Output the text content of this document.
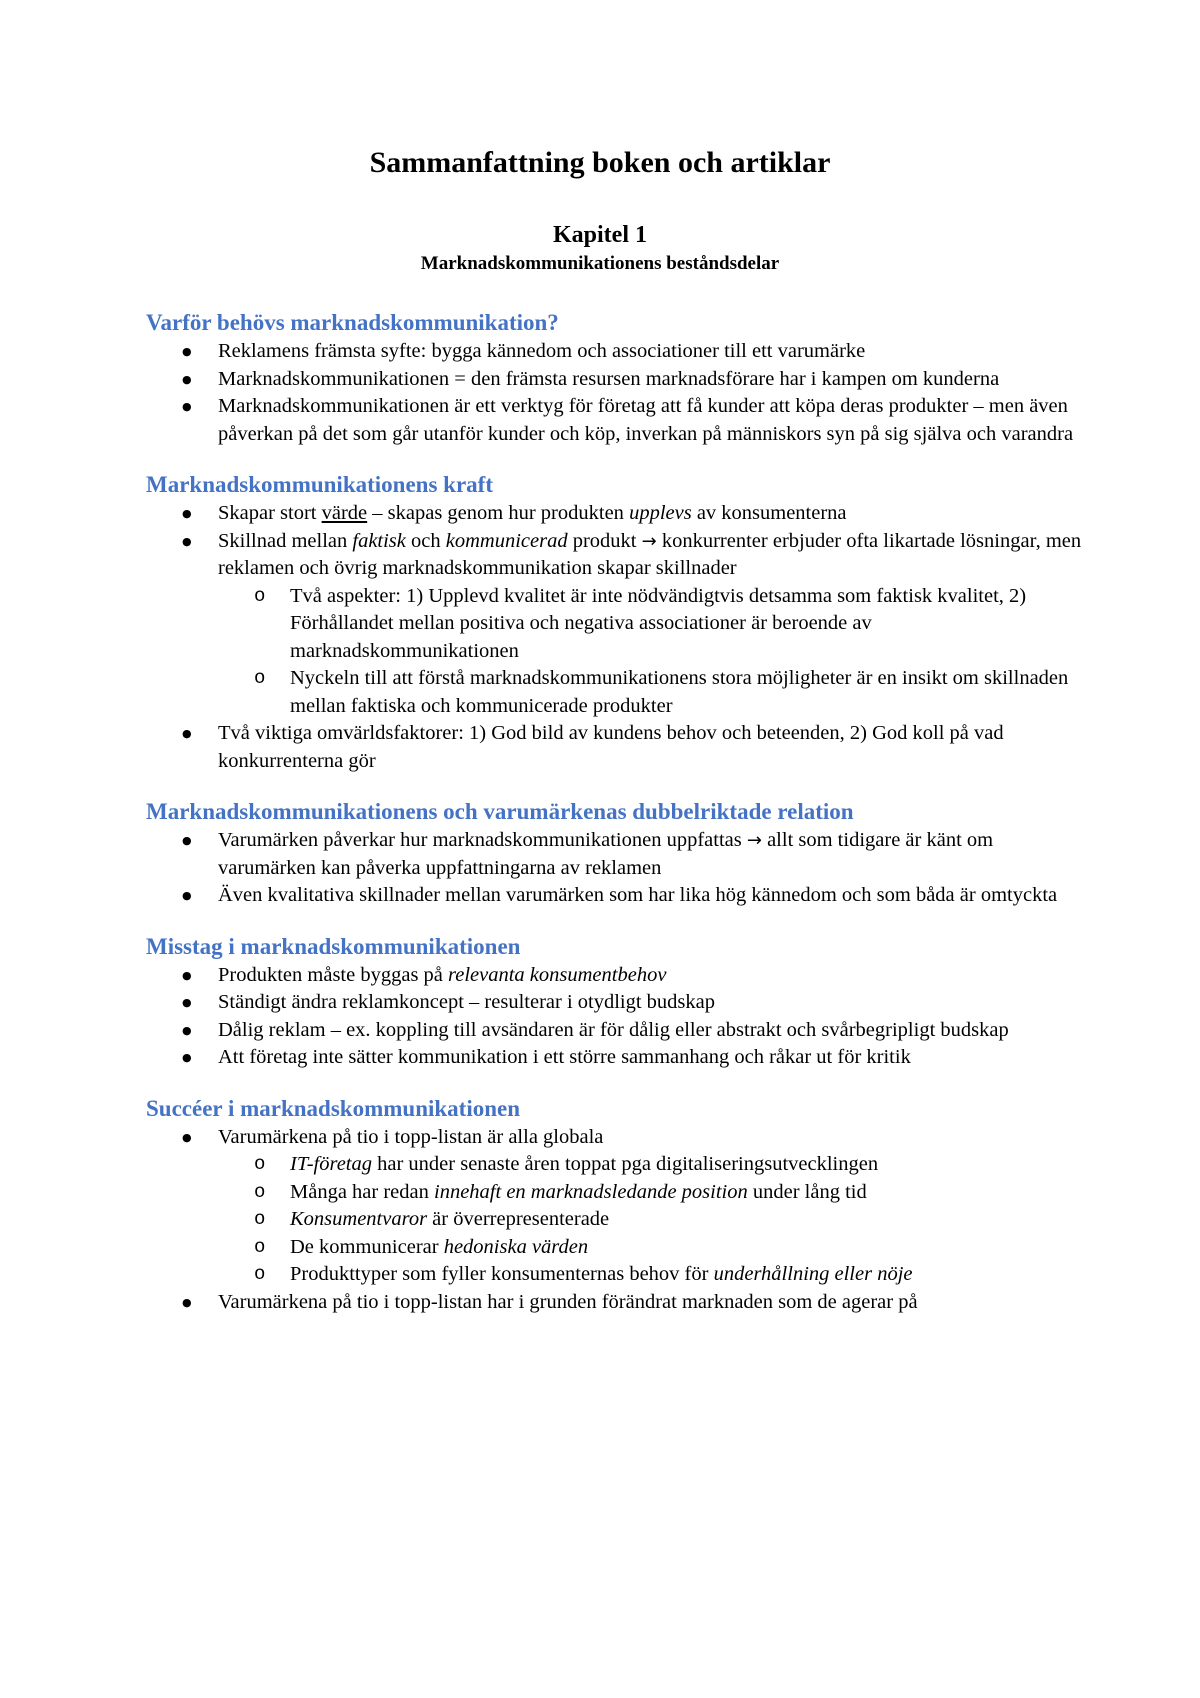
Sammanfattning boken och artiklar
Kapitel 1
Marknadskommunikationens beståndsdelar
Varför behövs marknadskommunikation?
● Reklamens främsta syfte: bygga kännedom och associationer till ett varumärke
● Marknadskommunikationen = den främsta resursen marknadsförare har i kampen om kunderna
● Marknadskommunikationen är ett verktyg för företag att få kunder att köpa deras produkter – men även påverkan på det som går utanför kunder och köp, inverkan på människors syn på sig själva och varandra
Marknadskommunikationens kraft
● Skapar stort värde – skapas genom hur produkten upplevs av konsumenterna
● Skillnad mellan faktisk och kommunicerad produkt → konkurrenter erbjuder ofta likartade lösningar, men reklamen och övrig marknadskommunikation skapar skillnader
o Två aspekter: 1) Upplevd kvalitet är inte nödvändigtvis detsamma som faktisk kvalitet, 2) Förhållandet mellan positiva och negativa associationer är beroende av marknadskommunikationen
o Nyckeln till att förstå marknadskommunikationens stora möjligheter är en insikt om skillnaden mellan faktiska och kommunicerade produkter
● Två viktiga omvärldsfaktorer: 1) God bild av kundens behov och beteenden, 2) God koll på vad konkurrenterna gör
Marknadskommunikationens och varumärkenas dubbelriktade relation
● Varumärken påverkar hur marknadskommunikationen uppfattas → allt som tidigare är känt om varumärken kan påverka uppfattningarna av reklamen
● Även kvalitativa skillnader mellan varumärken som har lika hög kännedom och som båda är omtyckta
Misstag i marknadskommunikationen
● Produkten måste byggas på relevanta konsumentbehov
● Ständigt ändra reklamkoncept – resulterar i otydligt budskap
● Dålig reklam – ex. koppling till avsändaren är för dålig eller abstrakt och svårbegripligt budskap
● Att företag inte sätter kommunikation i ett större sammanhang och råkar ut för kritik
Succéer i marknadskommunikationen
● Varumärkena på tio i topp-listan är alla globala
o IT-företag har under senaste åren toppat pga digitaliseringsutvecklingen
o Många har redan innehaft en marknadsledande position under lång tid
o Konsumentvaror är överrepresenterade
o De kommunicerar hedoniska värden
o Produkttyper som fyller konsumenternas behov för underhållning eller nöje
● Varumärkena på tio i topp-listan har i grunden förändrat marknaden som de agerar på
